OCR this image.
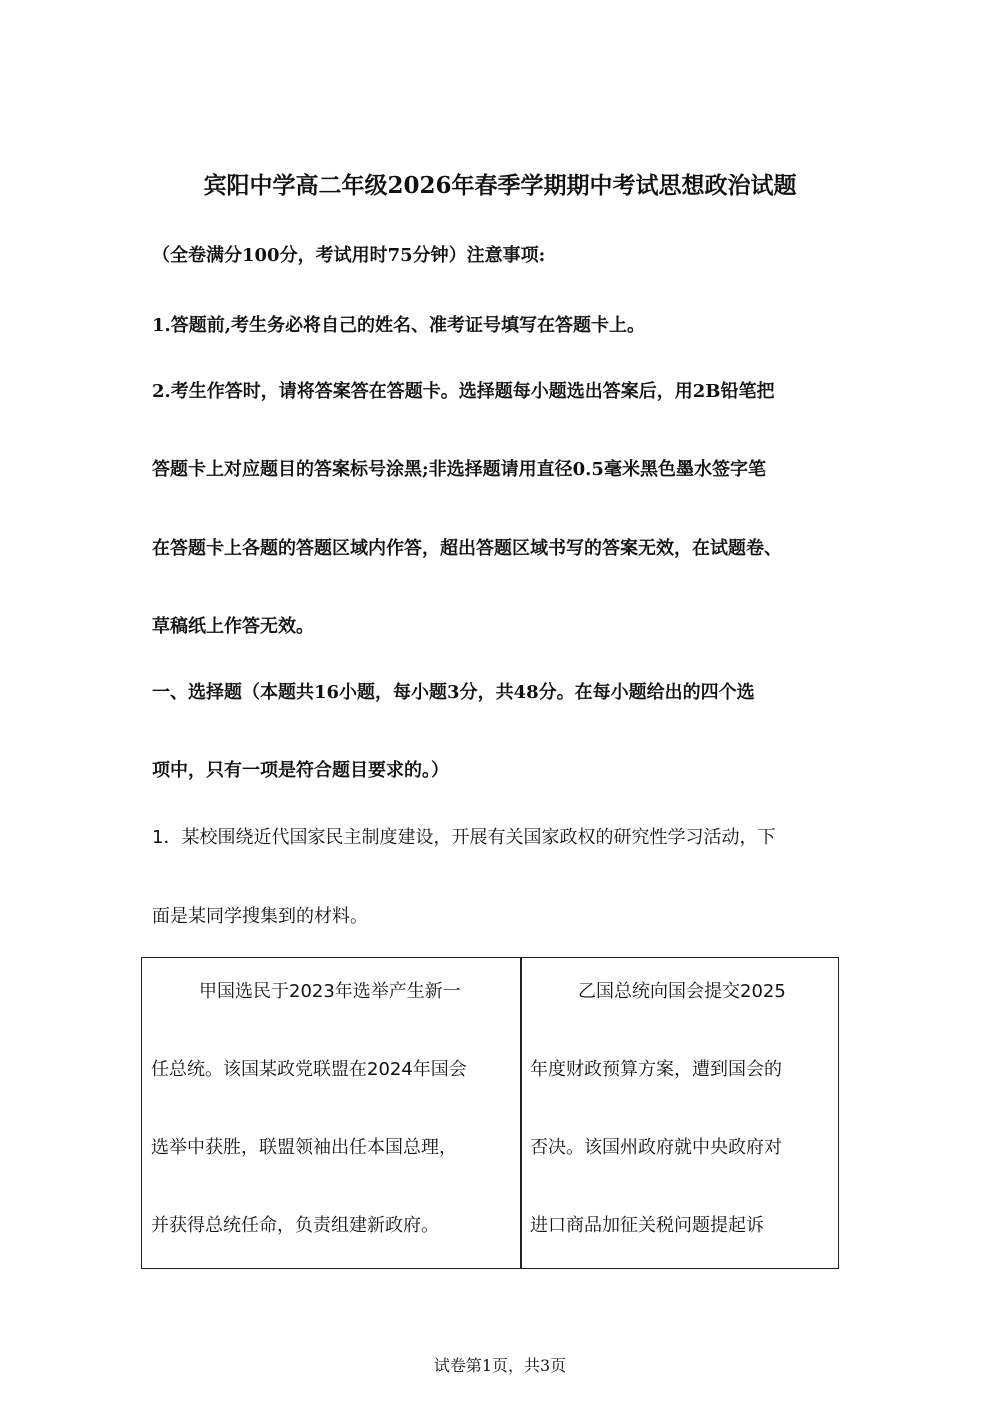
宾阳中学高二年级2026年春季学期期中考试思想政治试题
（全卷满分100分，考试用时75分钟）注意事项:
1.答题前,考生务必将自己的姓名、准考证号填写在答题卡上。
2.考生作答时，请将答案答在答题卡。选择题每小题选出答案后，用2B铅笔把
答题卡上对应题目的答案标号涂黑;非选择题请用直径0.5毫米黑色墨水签字笔
在答题卡上各题的答题区域内作答，超出答题区域书写的答案无效，在试题卷、
草稿纸上作答无效。
一、选择题（本题共16小题，每小题3分，共48分。在每小题给出的四个选
项中，只有一项是符合题目要求的。）
1．某校围绕近代国家民主制度建设，开展有关国家政权的研究性学习活动，下
面是某同学搜集到的材料。
甲国选民于2023年选举产生新一
任总统。该国某政党联盟在2024年国会
选举中获胜，联盟领袖出任本国总理，
并获得总统任命，负责组建新政府。
乙国总统向国会提交2025
年度财政预算方案，遭到国会的
否决。该国州政府就中央政府对
进口商品加征关税问题提起诉
试卷第1页，共3页
